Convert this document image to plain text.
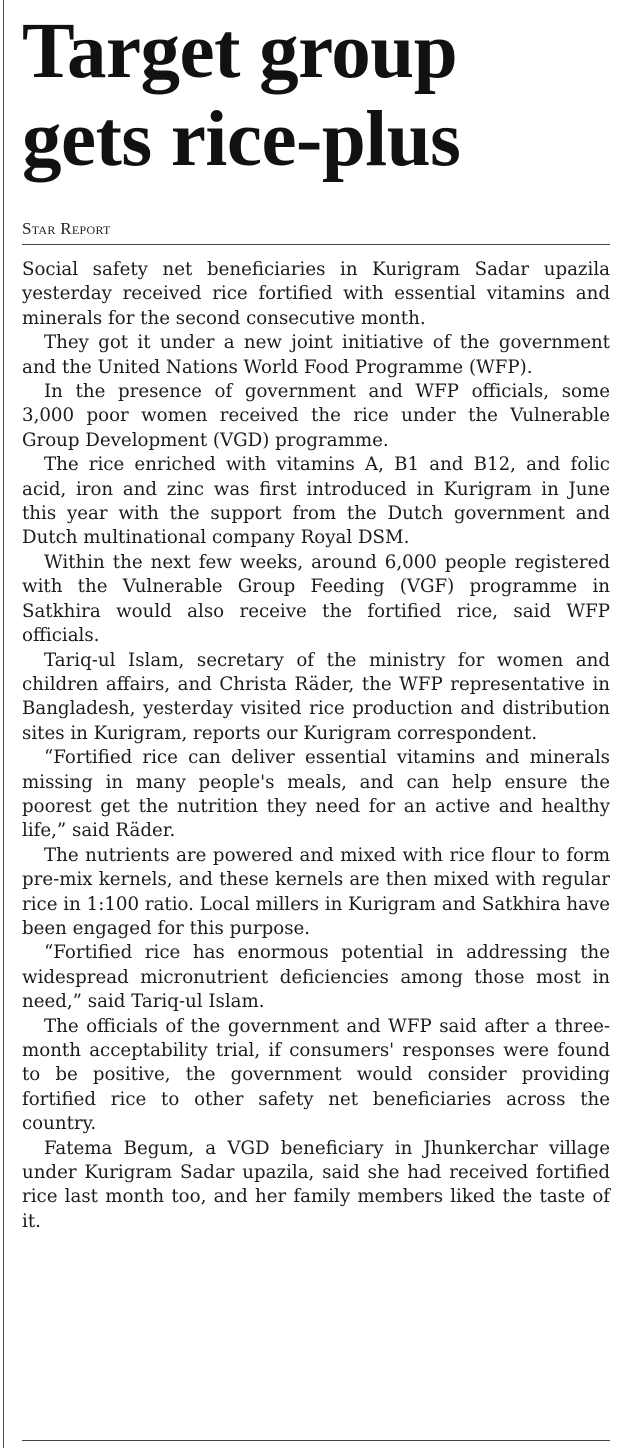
Target group
gets rice-plus
Star Report

Social safety net beneficiaries in Kurigram Sadar upazila yesterday received rice fortified with essential vitamins and minerals for the second consecutive month.

They got it under a new joint initiative of the government and the United Nations World Food Programme (WFP).

In the presence of government and WFP officials, some 3,000 poor women received the rice under the Vulnerable Group Development (VGD) programme.

The rice enriched with vitamins A, B1 and B12, and folic acid, iron and zinc was first introduced in Kurigram in June this year with the support from the Dutch government and Dutch multinational company Royal DSM.

Within the next few weeks, around 6,000 people registered with the Vulnerable Group Feeding (VGF) programme in Satkhira would also receive the fortified rice, said WFP officials.

Tariq-ul Islam, secretary of the ministry for women and children affairs, and Christa Räder, the WFP representative in Bangladesh, yesterday visited rice production and distribution sites in Kurigram, reports our Kurigram correspondent.

“Fortified rice can deliver essential vitamins and minerals missing in many people's meals, and can help ensure the poorest get the nutrition they need for an active and healthy life,” said Räder.

The nutrients are powered and mixed with rice flour to form pre-mix kernels, and these kernels are then mixed with regular rice in 1:100 ratio. Local millers in Kurigram and Satkhira have been engaged for this purpose.

“Fortified rice has enormous potential in addressing the widespread micronutrient deficiencies among those most in need,” said Tariq-ul Islam.

The officials of the government and WFP said after a three-month acceptability trial, if consumers' responses were found to be positive, the government would consider providing fortified rice to other safety net beneficiaries across the country.

Fatema Begum, a VGD beneficiary in Jhunkerchar village under Kurigram Sadar upazila, said she had received fortified rice last month too, and her family members liked the taste of it.
